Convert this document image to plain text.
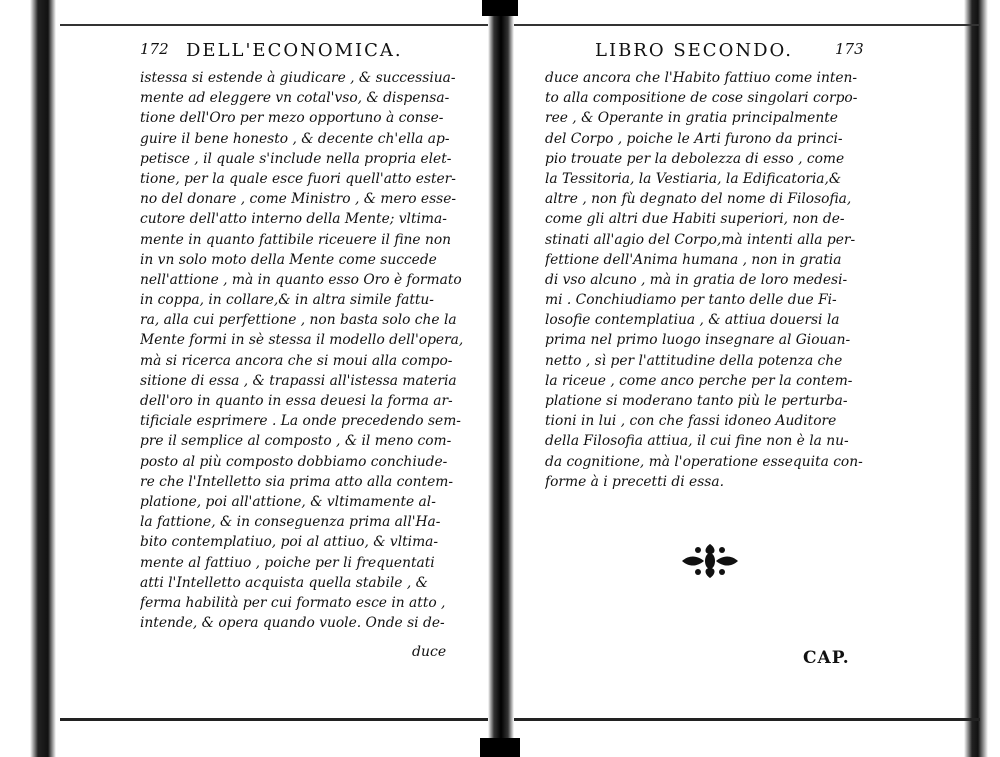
172 DELL'ECONOMICA.
istessa si estende à giudicare , & successiua-
mente ad eleggere vn cotal'vso, & dispensa-
tione dell'Oro per mezo opportuno à conse-
guire il bene honesto , & decente ch'ella ap-
petisce , il quale s'include nella propria elet-
tione, per la quale esce fuori quell'atto ester-
no del donare , come Ministro , & mero esse-
cutore dell'atto interno della Mente; vltima-
mente in quanto fattibile riceuere il fine non
in vn solo moto della Mente come succede
nell'attione , mà in quanto esso Oro è formato
in coppa, in collare,& in altra simile fattu-
ra, alla cui perfettione , non basta solo che la
Mente formi in sè stessa il modello dell'opera,
mà si ricerca ancora che si moui alla compo-
sitione di essa , & trapassi all'istessa materia
dell'oro in quanto in essa deuesi la forma ar-
tificiale esprimere . La onde precedendo sem-
pre il semplice al composto , & il meno com-
posto al più composto dobbiamo conchiude-
re che l'Intelletto sia prima atto alla contem-
platione, poi all'attione, & vltimamente al-
la fattione, & in conseguenza prima all'Ha-
bito contemplatiuo, poi al attiuo, & vltima-
mente al fattiuo , poiche per li frequentati
atti l'Intelletto acquista quella stabile , &
ferma habilità per cui formato esce in atto ,
intende, & opera quando vuole. Onde si de-
duce
LIBRO SECONDO.	173
duce ancora che l'Habito fattiuo come inten-
to alla compositione de cose singolari corpo-
ree , & Operante in gratia principalmente
del Corpo , poiche le Arti furono da princi-
pio trouate per la debolezza di esso , come
la Tessitoria, la Vestiaria, la Edificatoria,&
altre , non fù degnato del nome di Filosofia,
come gli altri due Habiti superiori, non de-
stinati all'agio del Corpo,mà intenti alla per-
fettione dell'Anima humana , non in gratia
di vso alcuno , mà in gratia de loro medesi-
mi . Conchiudiamo per tanto delle due Fi-
losofie contemplatiua , & attiua douersi la
prima nel primo luogo insegnare al Giouan-
netto , sì per l'attitudine della potenza che
la riceue , come anco perche per la contem-
platione si moderano tanto più le perturba-
tioni in lui , con che fassi idoneo Auditore
della Filosofia attiua, il cui fine non è la nu-
da cognitione, mà l'operatione essequita con-
forme à i precetti di essa.
CAP.
